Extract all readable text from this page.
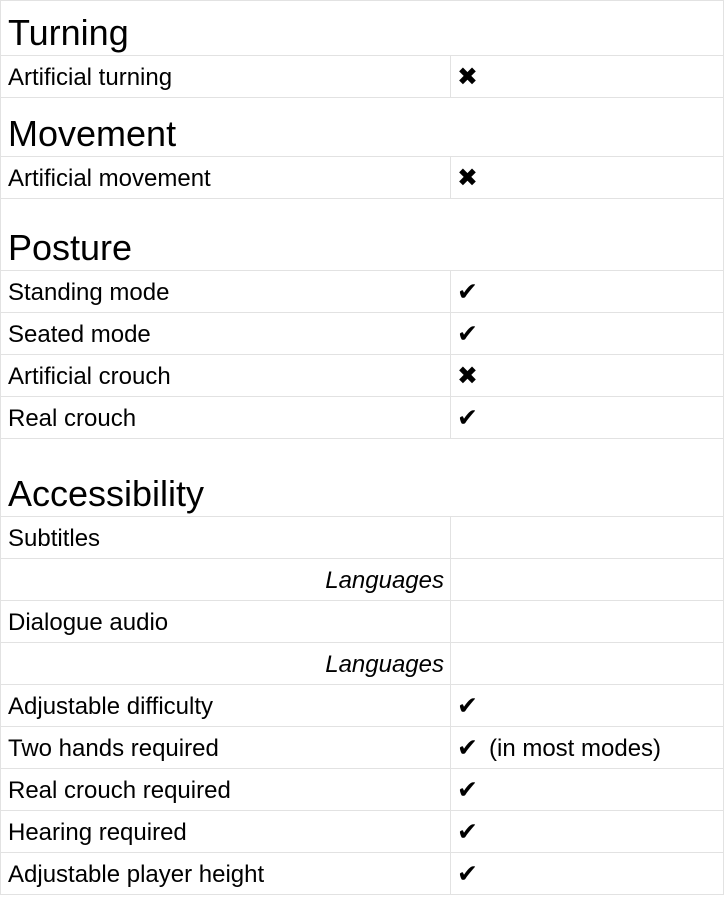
Turning	
Artificial turning	✖
Movement	
Artificial movement	✖
Posture	
Standing mode	✔
Seated mode	✔
Artificial crouch	✖
Real crouch	✔
Accessibility	
Subtitles	
Languages	
Dialogue audio	
Languages	
Adjustable difficulty	✔
Two hands required	✔ (in most modes)
Real crouch required	✔
Hearing required	✔
Adjustable player height	✔
